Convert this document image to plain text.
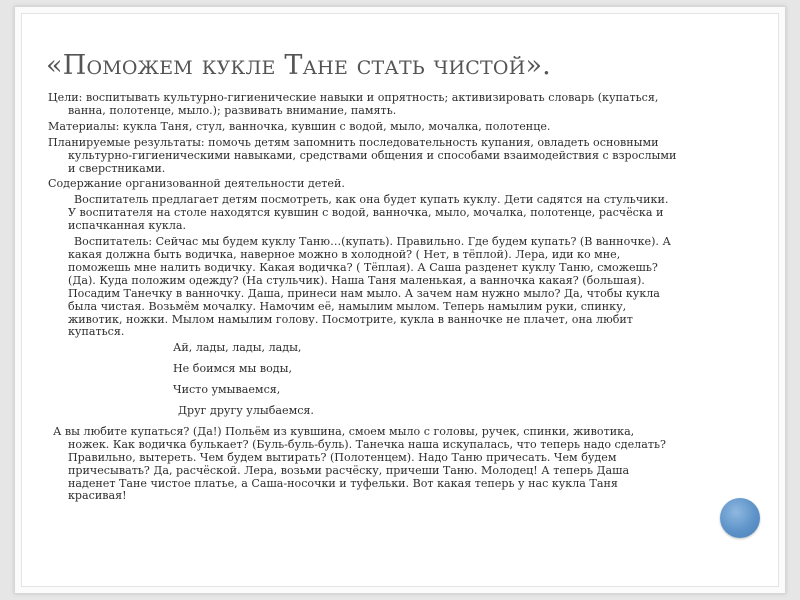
«Поможем кукле Тане стать чистой».

Цели: воспитывать культурно-гигиенические навыки и опрятность; активизировать словарь (купаться, ванна, полотенце, мыло.); развивать внимание, память.

Материалы: кукла Таня, стул, ванночка, кувшин с водой, мыло, мочалка, полотенце.

Планируемые результаты: помочь детям запомнить последовательность купания, овладеть основными культурно-гигиеническими навыками, средствами общения и способами взаимодействия с взрослыми и сверстниками.

Содержание организованной деятельности детей.

Воспитатель предлагает детям посмотреть, как она будет купать куклу. Дети садятся на стульчики. У воспитателя на столе находятся кувшин с водой, ванночка, мыло, мочалка, полотенце, расчёска и испачканная кукла.

Воспитатель: Сейчас мы будем куклу Таню…(купать). Правильно. Где будем купать? (В ванночке). А какая должна быть водичка, наверное можно в холодной? ( Нет, в тёплой). Лера, иди ко мне, поможешь мне налить водичку. Какая водичка? ( Тёплая). А Саша разденет куклу Таню, сможешь? (Да). Куда положим одежду? (На стульчик). Наша Таня маленькая, а ванночка какая? (большая). Посадим Танечку в ванночку. Даша, принеси нам мыло. А зачем нам нужно мыло? Да, чтобы кукла была чистая. Возьмём мочалку. Намочим её, намылим мылом. Теперь намылим руки, спинку, животик, ножки. Мылом намылим голову. Посмотрите, кукла в ванночке не плачет, она любит купаться.

Ай, лады, лады, лады,

Не боимся мы воды,

Чисто умываемся,

Друг другу улыбаемся.

А вы любите купаться? (Да!) Польём из кувшина, смоем мыло с головы, ручек, спинки, животика, ножек. Как водичка булькает? (Буль-буль-буль). Танечка наша искупалась, что теперь надо сделать? Правильно, вытереть. Чем будем вытирать? (Полотенцем). Надо Таню причесать. Чем будем причесывать? Да, расчёской. Лера, возьми расчёску, причеши Таню. Молодец! А теперь Даша наденет Тане чистое платье, а Саша-носочки и туфельки. Вот какая теперь у нас кукла Таня красивая!
